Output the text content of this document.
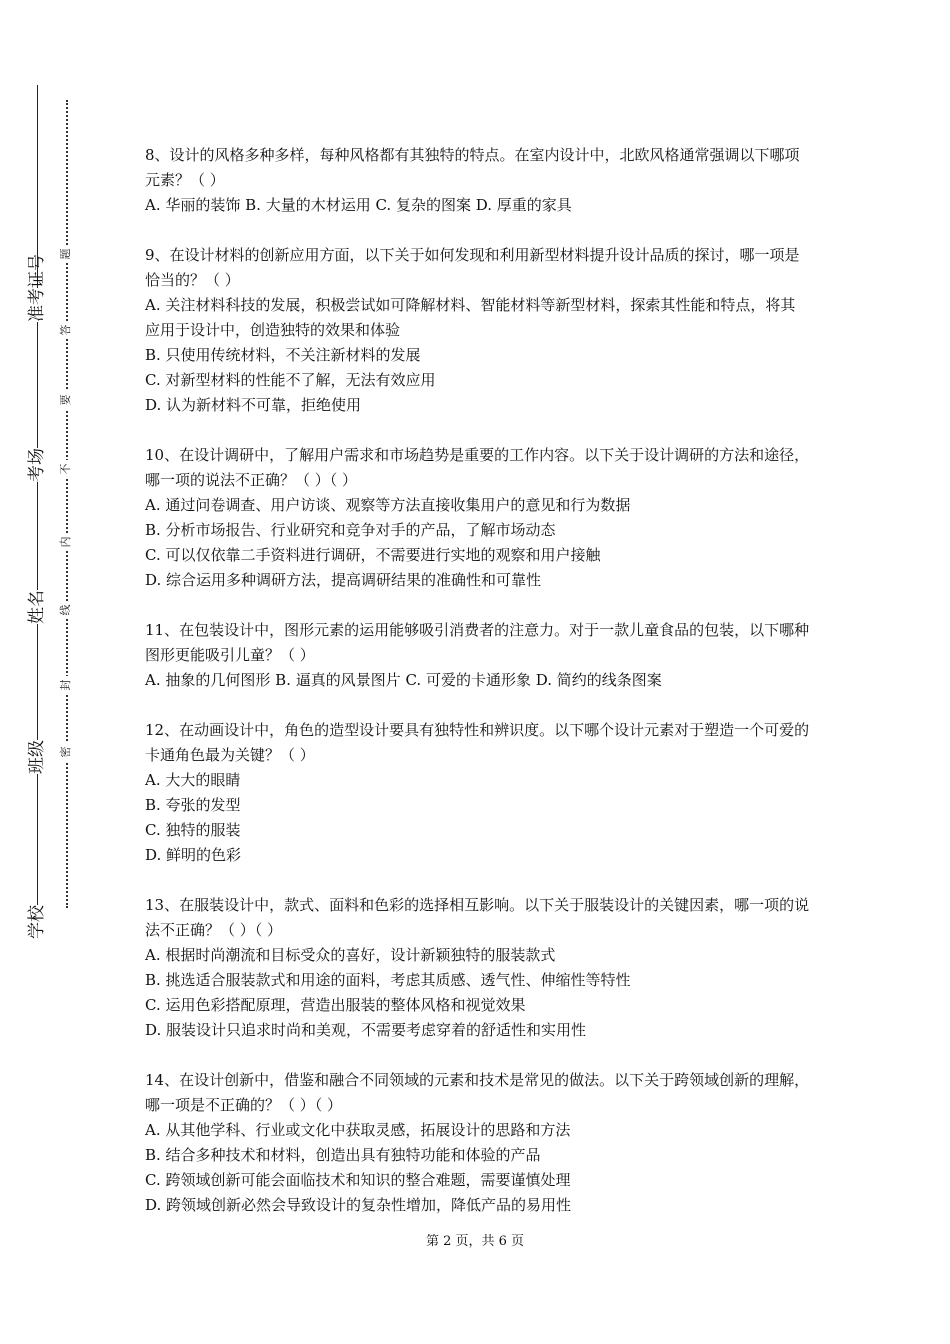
学校
班级
姓名
考场
准考证号
密
封
线
内
不
要
答
题

8、设计的风格多种多样，每种风格都有其独特的特点。在室内设计中，北欧风格通常强调以下哪项元素？（ ）

A. 华丽的装饰 B. 大量的木材运用 C. 复杂的图案 D. 厚重的家具

9、在设计材料的创新应用方面，以下关于如何发现和利用新型材料提升设计品质的探讨，哪一项是恰当的？（ ）

A. 关注材料科技的发展，积极尝试如可降解材料、智能材料等新型材料，探索其性能和特点，将其应用于设计中，创造独特的效果和体验

B. 只使用传统材料，不关注新材料的发展

C. 对新型材料的性能不了解，无法有效应用

D. 认为新材料不可靠，拒绝使用

10、在设计调研中，了解用户需求和市场趋势是重要的工作内容。以下关于设计调研的方法和途径，哪一项的说法不正确？（ ）（ ）

A. 通过问卷调查、用户访谈、观察等方法直接收集用户的意见和行为数据

B. 分析市场报告、行业研究和竞争对手的产品，了解市场动态

C. 可以仅依靠二手资料进行调研，不需要进行实地的观察和用户接触

D. 综合运用多种调研方法，提高调研结果的准确性和可靠性

11、在包装设计中，图形元素的运用能够吸引消费者的注意力。对于一款儿童食品的包装，以下哪种图形更能吸引儿童？（ ）

A. 抽象的几何图形 B. 逼真的风景图片 C. 可爱的卡通形象 D. 简约的线条图案

12、在动画设计中，角色的造型设计要具有独特性和辨识度。以下哪个设计元素对于塑造一个可爱的卡通角色最为关键？（ ）

A. 大大的眼睛

B. 夸张的发型

C. 独特的服装

D. 鲜明的色彩

13、在服装设计中，款式、面料和色彩的选择相互影响。以下关于服装设计的关键因素，哪一项的说法不正确？（ ）（ ）

A. 根据时尚潮流和目标受众的喜好，设计新颖独特的服装款式

B. 挑选适合服装款式和用途的面料，考虑其质感、透气性、伸缩性等特性

C. 运用色彩搭配原理，营造出服装的整体风格和视觉效果

D. 服装设计只追求时尚和美观，不需要考虑穿着的舒适性和实用性

14、在设计创新中，借鉴和融合不同领域的元素和技术是常见的做法。以下关于跨领域创新的理解，哪一项是不正确的？（ ）（ ）

A. 从其他学科、行业或文化中获取灵感，拓展设计的思路和方法

B. 结合多种技术和材料，创造出具有独特功能和体验的产品

C. 跨领域创新可能会面临技术和知识的整合难题，需要谨慎处理

D. 跨领域创新必然会导致设计的复杂性增加，降低产品的易用性

第 2 页，共 6 页
